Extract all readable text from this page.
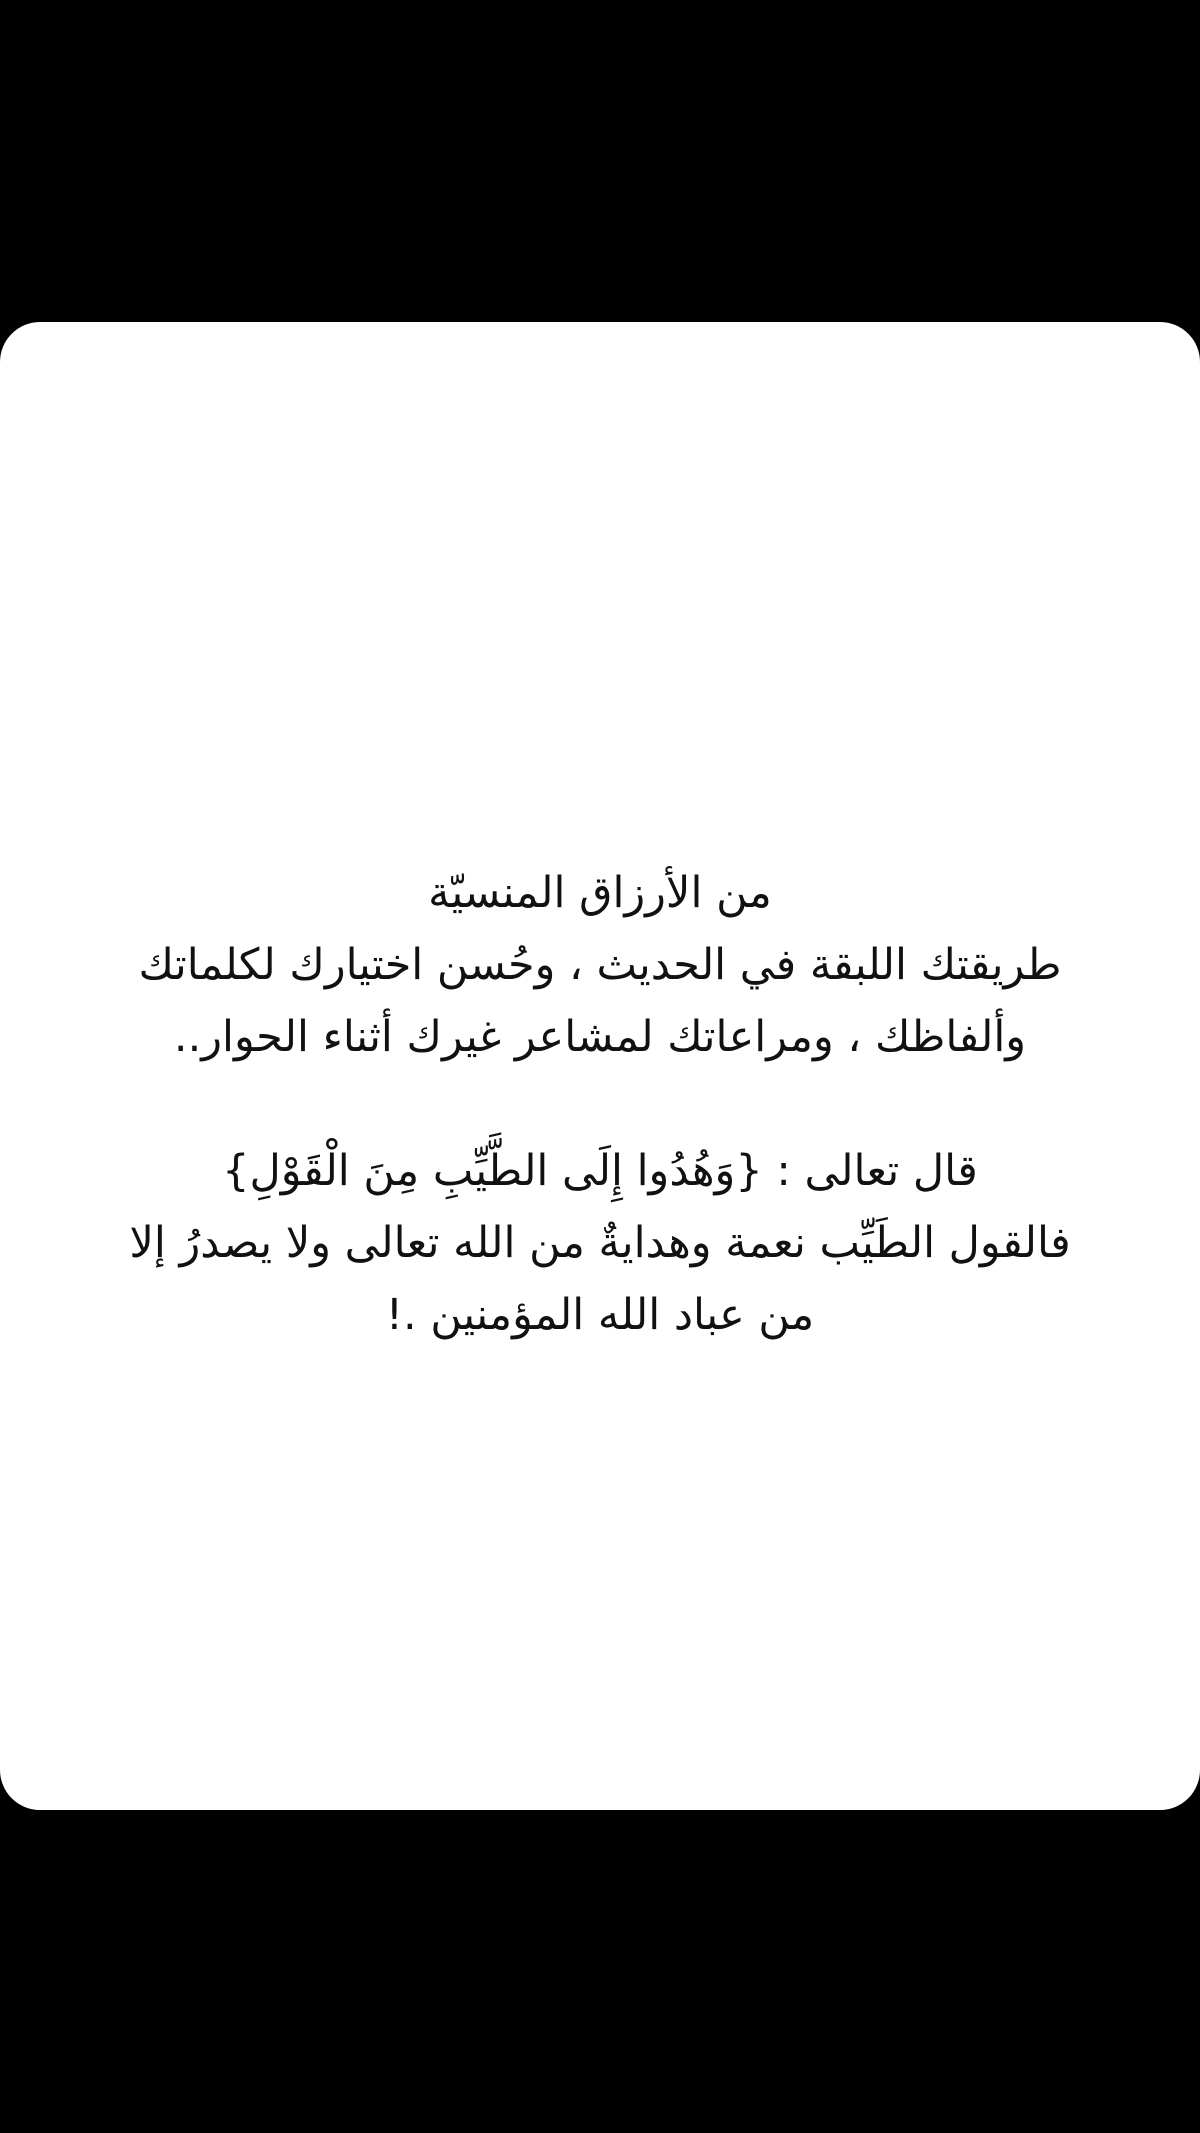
من الأرزاق المنسيّة

طريقتك اللبقة في الحديث ، وحُسن اختيارك لكلماتك

وألفاظك ، ومراعاتك لمشاعر غيرك أثناء الحوار..

قال تعالى : {وَهُدُوا إِلَى الطَّيِّبِ مِنَ الْقَوْلِ}

فالقول الطَيِّب نعمة وهدايةٌ من الله تعالى ولا يصدرُ إلا

من عباد الله المؤمنين .!
